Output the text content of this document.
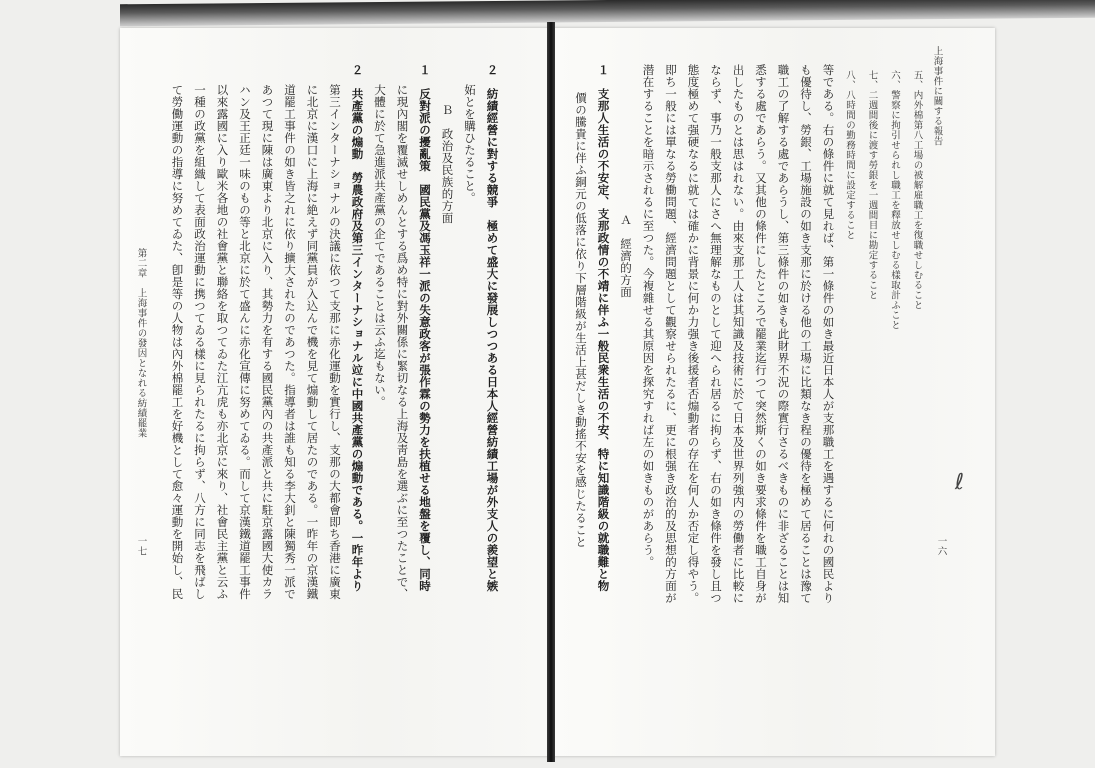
五、内外棉第八工場の被解雇職工を復職せしむること
六、警察に拘引せられし職工を釋放せしむる樣取計ふこと
七、二週間後に渡す勞銀を一週間目に勘定すること
八、八時間の勤務時間に設定すること
等である。右の條件に就て見れば、第一條件の如き最近日本人が支那職工を遇するに何れの國民より
も優待し、勞銀、工場施設の如き支那に於ける他の工場に比類なき程の優待を極めて居ることは豫て
職工の了解する處であらうし、第三條件の如きも此財界不況の際實行さるべきものに非ざることは知
悉する處であらう。又其他の條件にしたところで罷業迄行つて突然斯くの如き要求條件を職工自身が
出したものとは思はれない。由來支那工人は其知識及技術に於て日本及世界列強内の勞働者に比較に
ならず、事乃一般支那人にさへ無理解なものとして迎へられ居るに拘らず、右の如き條件を發し且つ
態度極めて强硬なるに就ては確かに背景に何か力强き後援者否煽動者の存在を何人か否定し得やう。
即ち一般には單なる勞働問題、經濟問題として觀察せられたるに、更に根强き政治的及思想的方面が
潜在することを暗示されるに至つた。今複雜せる其原因を探究すれば左の如きものがあらう。
Ａ　經濟的方面
１　支那人生活の不安定、支那政情の不靖に伴ふ一般民衆生活の不安、特に知識階級の就職難と物
價の騰貴に伴ふ銅元の低落に依り下層階級が生活上甚だしき動搖不安を感じたること
２　紡績經營に對する競爭　極めて盛大に發展しつつある日本人經營紡績工場が外支人の羨望と嫉
妬とを購ひたること。
Ｂ　政治及民族的方面
１　反對派の擾亂策　國民黨及馮玉祥一派の失意政客が張作霖の勢力を扶植せる地盤を覆し、同時
に現內閣を覆滅せしめんとする爲め特に對外關係に緊切なる上海及靑島を選ぶに至つたことで、
大體に於て急進派共產黨の企てであることは云ふ迄もない。
２　共產黨の煽動　勞農政府及第三インターナショナル竝に中國共產黨の煽動である。一昨年より
第三インターナショナルの決議に依つて支那に赤化運動を實行し、支那の大都會即ち香港に廣東
に北京に漢口に上海に絶えず同黨員が入込んで機を見て煽動して居たのである。一昨年の京漢鐵
道罷工事件の如き皆之れに依り擴大されたのであつた。指導者は誰も知る李大釗と陳獨秀一派で
あつて現に陳は廣東より北京に入り、其勢力を有する國民黨內の共產派と共に駐京露國大使カラ
ハン及王正廷一味のもの等と北京に於て盛んに赤化宣傳に努めてゐる。而して京漢鐵道罷工事件
以來露國に入り歐米各地の社會黨と聯絡を取つてゐた江亢虎も亦北京に來り、社會民主黨と云ふ
一種の政黨を組織して表面政治運動に携つてゐる樣に見られたるに拘らず、八方に同志を飛ばし
て勞働運動の指導に努めてゐた、卽是等の人物は內外棉罷工を好機として愈々運動を開始し、民	上海事件に關する報告
一六
第二章　上海事件の發因となれる紡績罷業
一七
ℓ
